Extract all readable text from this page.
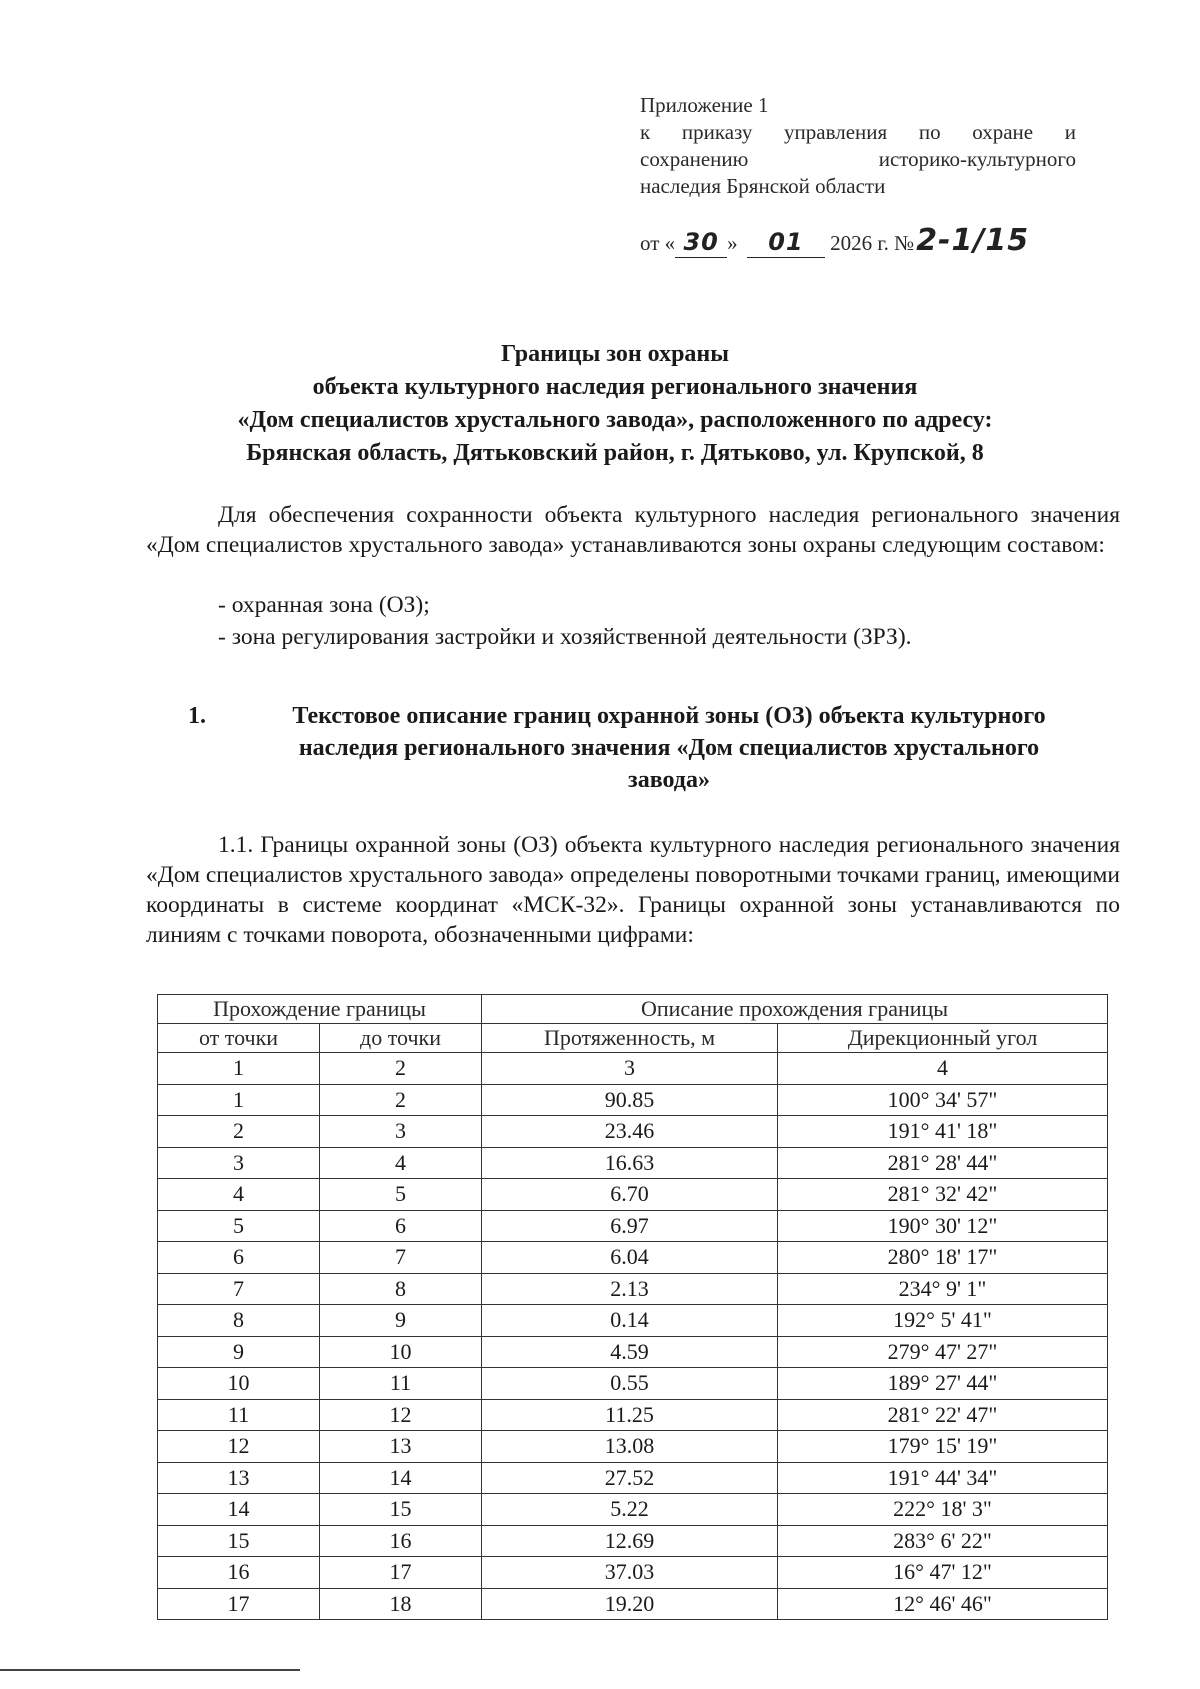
Приложение 1
к приказу управления по охране и
сохранению историко-культурного
наследия Брянской области
от « 30 » 01 2026 г. №2-1/15
Границы зон охраны
объекта культурного наследия регионального значения
«Дом специалистов хрустального завода», расположенного по адресу:
Брянская область, Дятьковский район, г. Дятьково, ул. Крупской, 8
Для обеспечения сохранности объекта культурного наследия регионального значения «Дом специалистов хрустального завода» устанавливаются зоны охраны следующим составом:
- охранная зона (ОЗ);
- зона регулирования застройки и хозяйственной деятельности (ЗРЗ).
1.	Текстовое описание границ охранной зоны (ОЗ) объекта культурного
наследия регионального значения «Дом специалистов хрустального
завода»
1.1. Границы охранной зоны (ОЗ) объекта культурного наследия регионального значения «Дом специалистов хрустального завода» определены поворотными точками границ, имеющими координаты в системе координат «МСК-32». Границы охранной зоны устанавливаются по линиям с точками поворота, обозначенными цифрами:
Прохождение границы		Описание прохождения границы	
от точки	до точки	Протяженность, м	Дирекционный угол
1	2	3	4
1	2	90.85	100° 34' 57"
2	3	23.46	191° 41' 18"
3	4	16.63	281° 28' 44"
4	5	6.70	281° 32' 42"
5	6	6.97	190° 30' 12"
6	7	6.04	280° 18' 17"
7	8	2.13	234° 9' 1"
8	9	0.14	192° 5' 41"
9	10	4.59	279° 47' 27"
10	11	0.55	189° 27' 44"
11	12	11.25	281° 22' 47"
12	13	13.08	179° 15' 19"
13	14	27.52	191° 44' 34"
14	15	5.22	222° 18' 3"
15	16	12.69	283° 6' 22"
16	17	37.03	16° 47' 12"
17	18	19.20	12° 46' 46"
